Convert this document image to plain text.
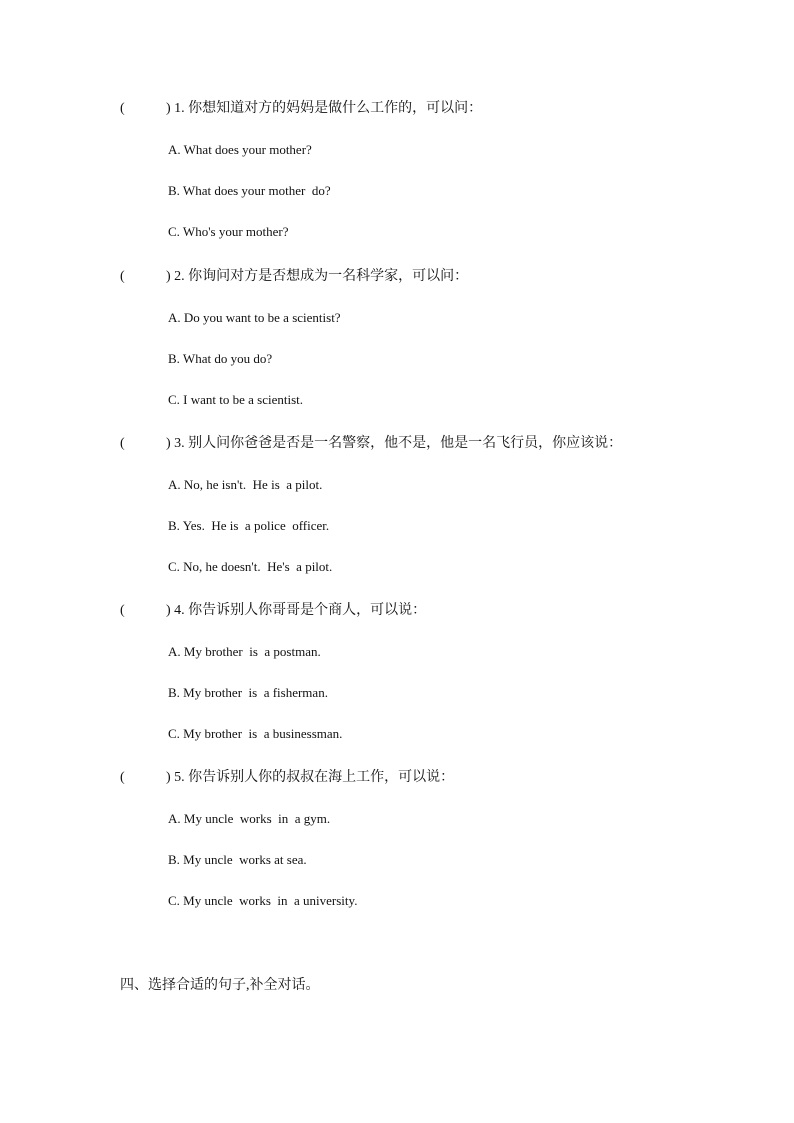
(	) 1. 你想知道对方的妈妈是做什么工作的，可以问：
A. What does your mother?
B. What does your mother  do?
C. Who's your mother?
(	) 2. 你询问对方是否想成为一名科学家，可以问：
A. Do you want to be a scientist?
B. What do you do?
C. I want to be a scientist.
(	) 3. 别人问你爸爸是否是一名警察，他不是，他是一名飞行员，你应该说：
A. No, he isn't.  He is  a pilot.
B. Yes.  He is  a police  officer.
C. No, he doesn't.  He's  a pilot.
(	) 4. 你告诉别人你哥哥是个商人，可以说：
A. My brother  is  a postman.
B. My brother  is  a fisherman.
C. My brother  is  a businessman.
(	) 5. 你告诉别人你的叔叔在海上工作，可以说：
A. My uncle  works  in  a gym.
B. My uncle  works at sea.
C. My uncle  works  in  a university.
四、选择合适的句子,补全对话。
